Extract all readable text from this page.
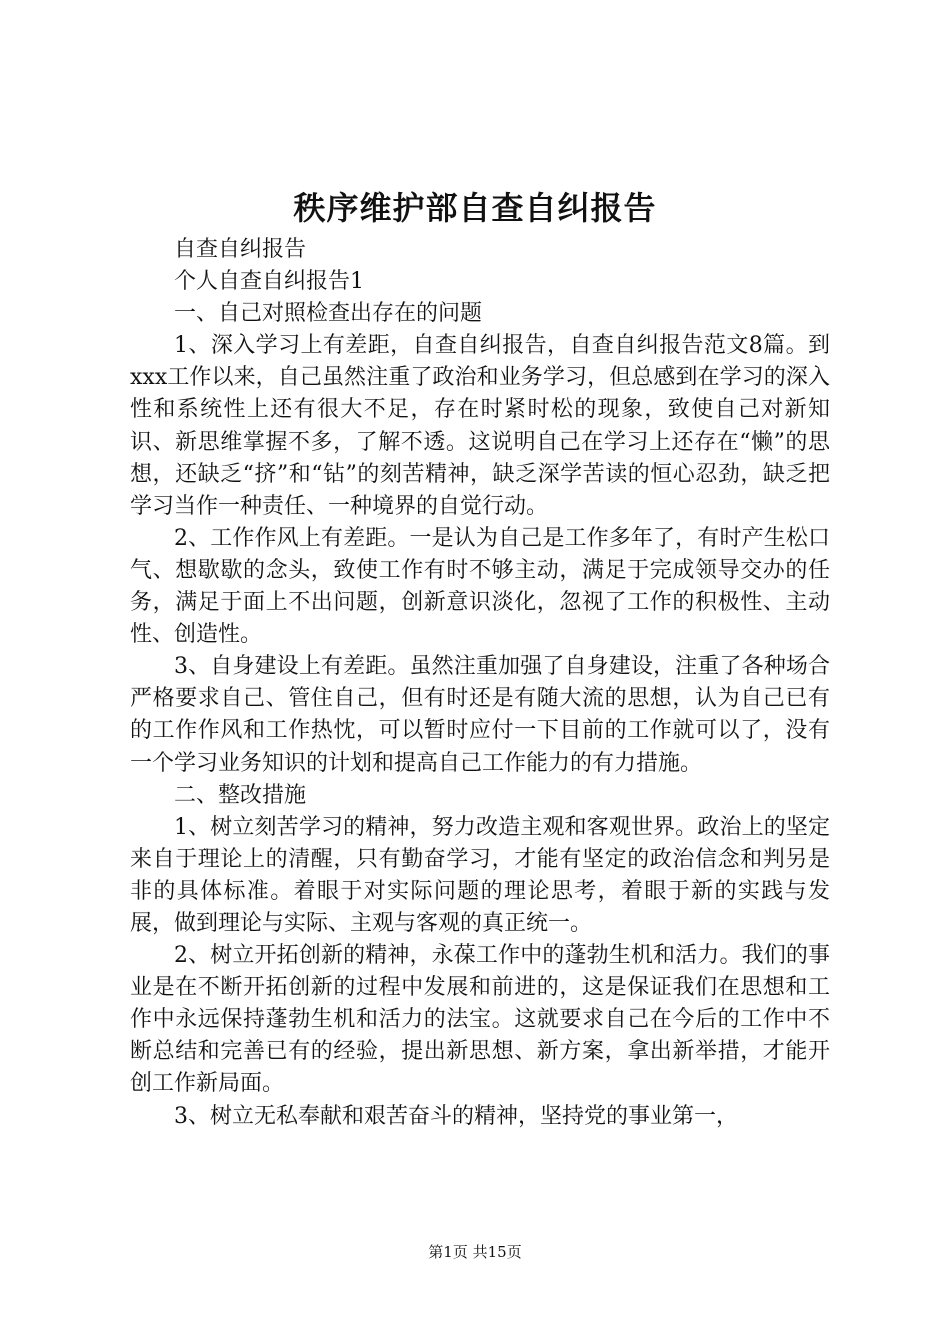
秩序维护部自查自纠报告

自查自纠报告

个人自查自纠报告1

一、自己对照检查出存在的问题

1、深入学习上有差距，自查自纠报告，自查自纠报告范文8篇。到xxx工作以来，自己虽然注重了政治和业务学习，但总感到在学习的深入性和系统性上还有很大不足，存在时紧时松的现象，致使自己对新知识、新思维掌握不多，了解不透。这说明自己在学习上还存在“懒”的思想，还缺乏“挤”和“钻”的刻苦精神，缺乏深学苦读的恒心忍劲，缺乏把学习当作一种责任、一种境界的自觉行动。

2、工作作风上有差距。一是认为自己是工作多年了，有时产生松口气、想歇歇的念头，致使工作有时不够主动，满足于完成领导交办的任务，满足于面上不出问题，创新意识淡化，忽视了工作的积极性、主动性、创造性。

3、自身建设上有差距。虽然注重加强了自身建设，注重了各种场合严格要求自己、管住自己，但有时还是有随大流的思想，认为自己已有的工作作风和工作热忱，可以暂时应付一下目前的工作就可以了，没有一个学习业务知识的计划和提高自己工作能力的有力措施。

二、整改措施

1、树立刻苦学习的精神，努力改造主观和客观世界。政治上的坚定来自于理论上的清醒，只有勤奋学习，才能有坚定的政治信念和判另是非的具体标准。着眼于对实际问题的理论思考，着眼于新的实践与发展，做到理论与实际、主观与客观的真正统一。

2、树立开拓创新的精神，永葆工作中的蓬勃生机和活力。我们的事业是在不断开拓创新的过程中发展和前进的，这是保证我们在思想和工作中永远保持蓬勃生机和活力的法宝。这就要求自己在今后的工作中不断总结和完善已有的经验，提出新思想、新方案，拿出新举措，才能开创工作新局面。

3、树立无私奉献和艰苦奋斗的精神，坚持党的事业第一，

第1页 共15页
